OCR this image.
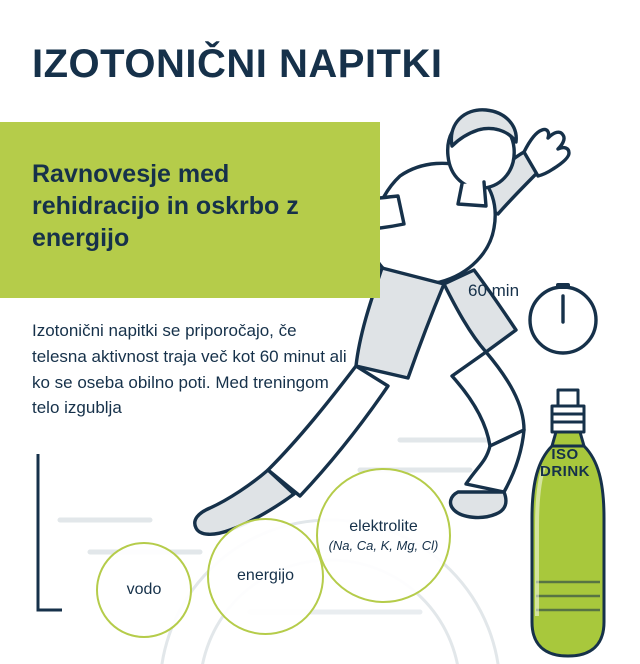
IZOTONIČNI NAPITKI
Ravnovesje med rehidracijo in oskrbo z energijo
Izotonični napitki se priporočajo, če telesna aktivnost traja več kot 60 minut ali ko se oseba obilno poti. Med treningom telo izgublja
60 min
vodo
energijo
elektrolite
(Na, Ca, K, Mg, Cl)
ISO
DRINK
